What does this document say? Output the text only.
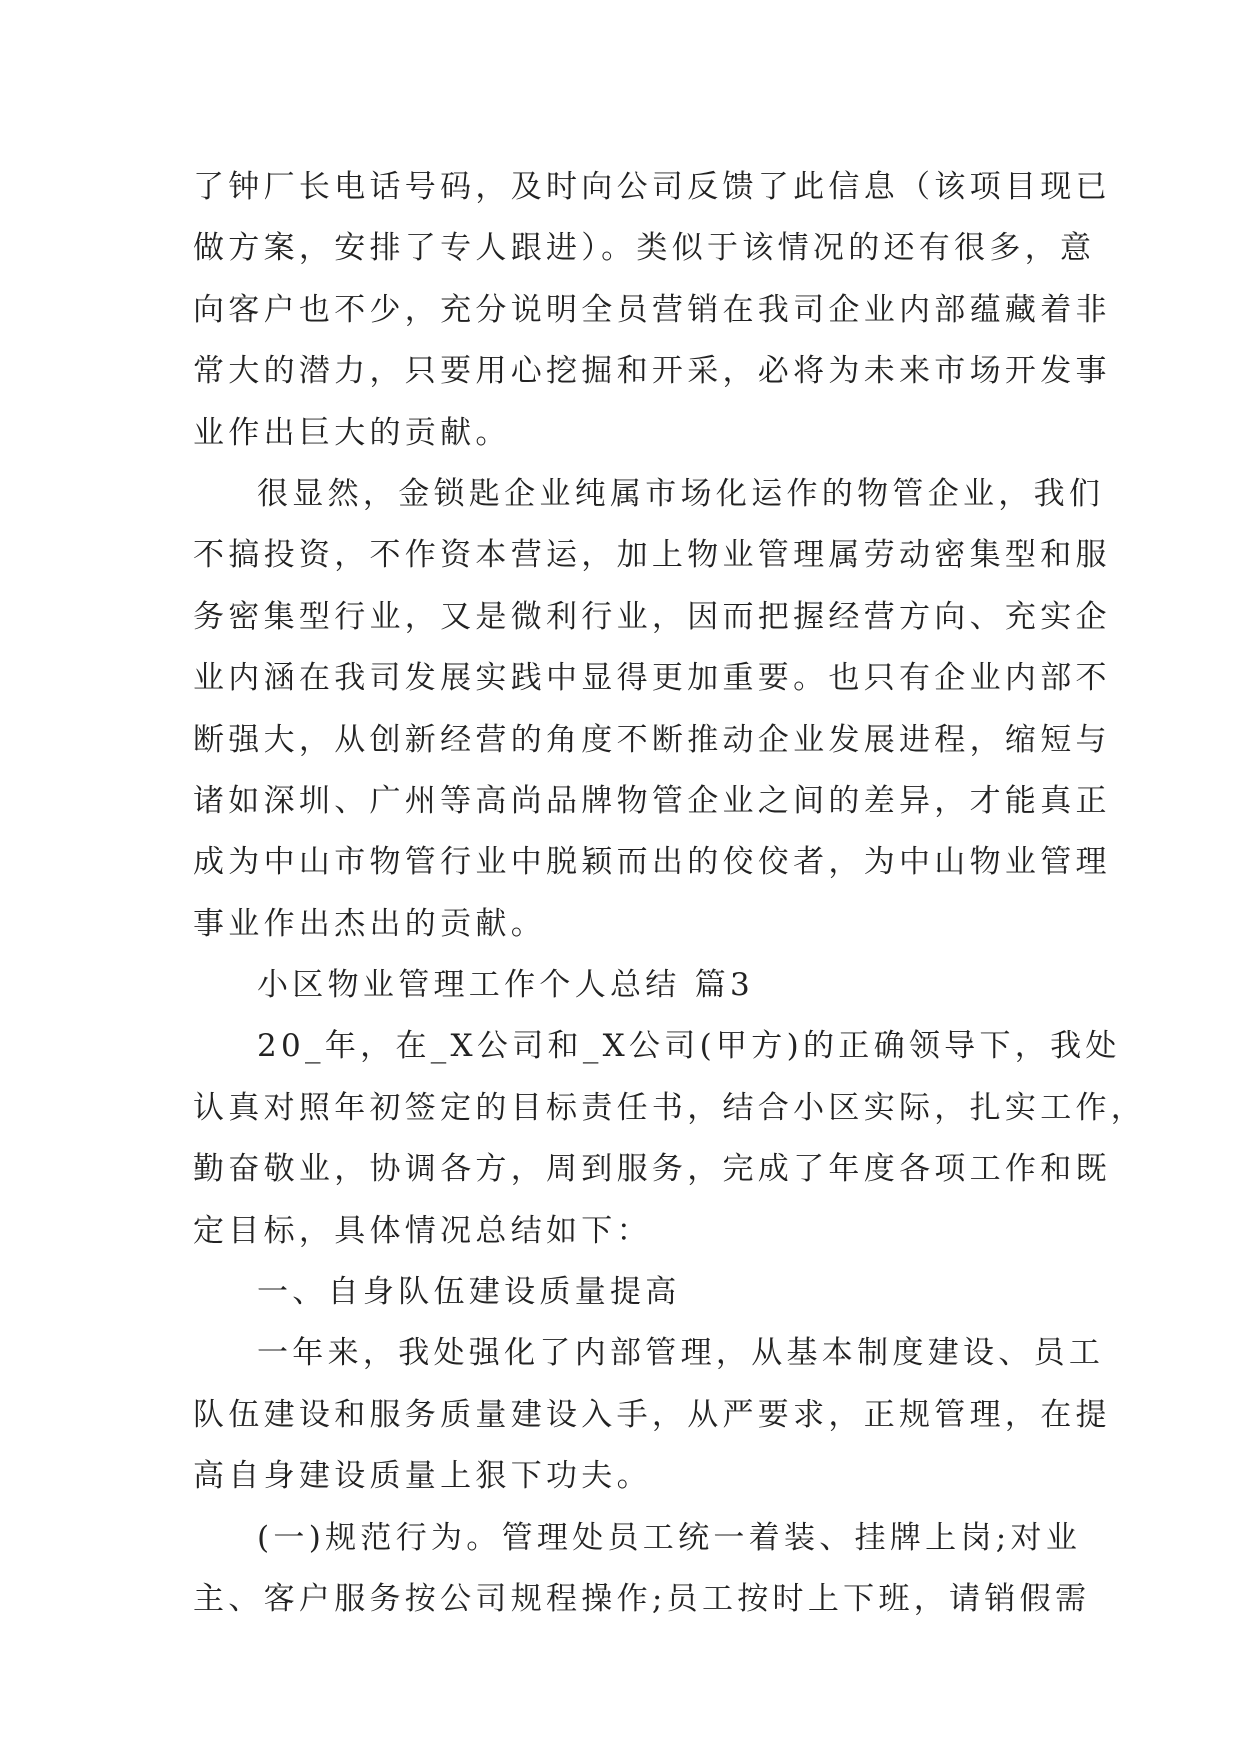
了钟厂长电话号码，及时向公司反馈了此信息（该项目现已
做方案，安排了专人跟进）。类似于该情况的还有很多，意
向客户也不少，充分说明全员营销在我司企业内部蕴藏着非
常大的潜力，只要用心挖掘和开采，必将为未来市场开发事
业作出巨大的贡献。
很显然，金锁匙企业纯属市场化运作的物管企业，我们
不搞投资，不作资本营运，加上物业管理属劳动密集型和服
务密集型行业，又是微利行业，因而把握经营方向、充实企
业内涵在我司发展实践中显得更加重要。也只有企业内部不
断强大，从创新经营的角度不断推动企业发展进程，缩短与
诸如深圳、广州等高尚品牌物管企业之间的差异，才能真正
成为中山市物管行业中脱颖而出的佼佼者，为中山物业管理
事业作出杰出的贡献。
小区物业管理工作个人总结 篇3
20_年，在_X公司和_X公司(甲方)的正确领导下，我处
认真对照年初签定的目标责任书，结合小区实际，扎实工作，
勤奋敬业，协调各方，周到服务，完成了年度各项工作和既
定目标，具体情况总结如下：
一、自身队伍建设质量提高
一年来，我处强化了内部管理，从基本制度建设、员工
队伍建设和服务质量建设入手，从严要求，正规管理，在提
高自身建设质量上狠下功夫。
(一)规范行为。管理处员工统一着装、挂牌上岗;对业
主、客户服务按公司规程操作;员工按时上下班，请销假需
